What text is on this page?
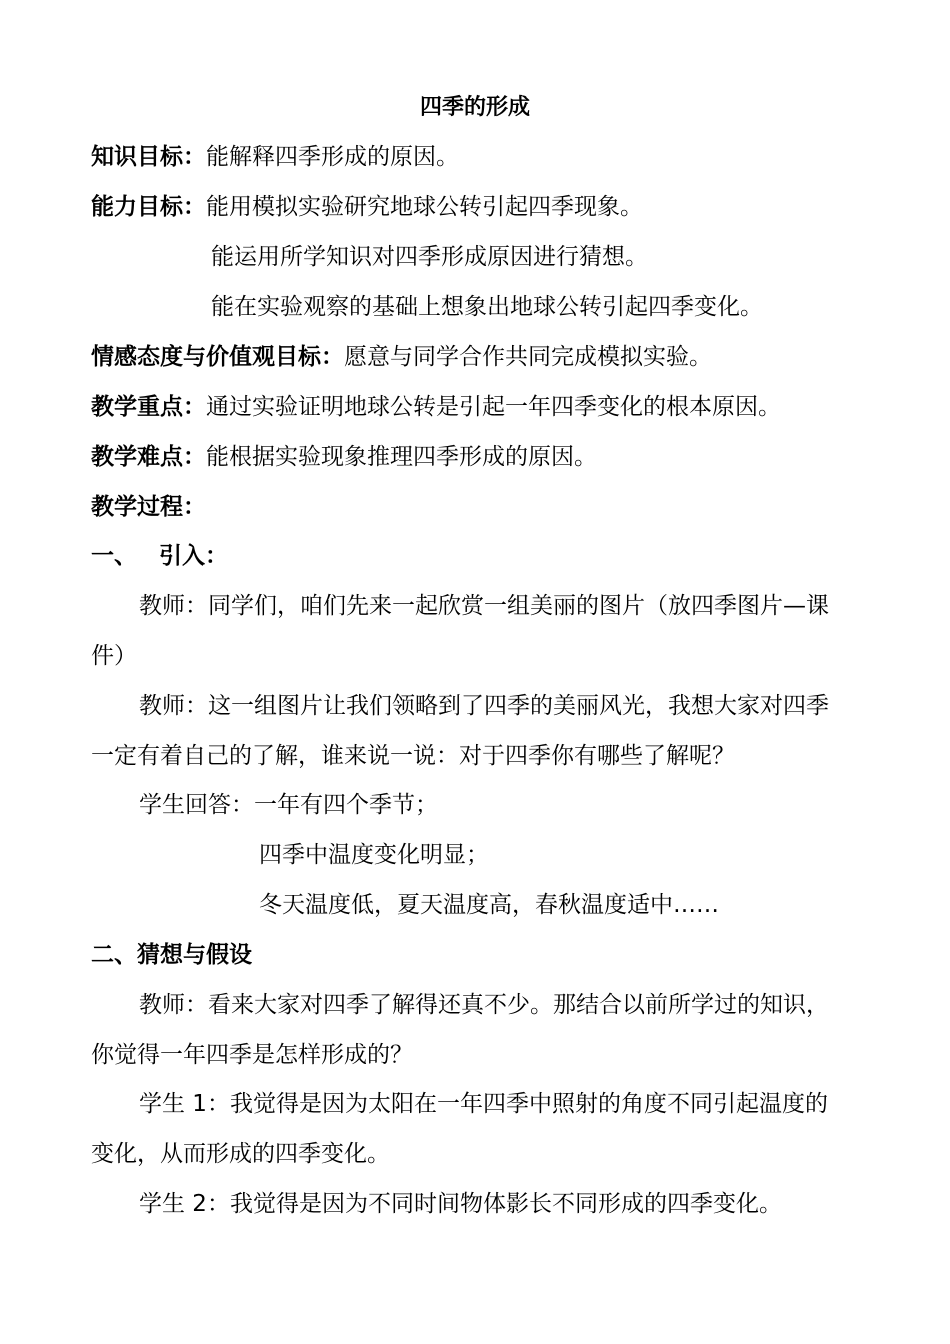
四季的形成
知识目标：能解释四季形成的原因。
能力目标：能用模拟实验研究地球公转引起四季现象。
能运用所学知识对四季形成原因进行猜想。
能在实验观察的基础上想象出地球公转引起四季变化。
情感态度与价值观目标：愿意与同学合作共同完成模拟实验。
教学重点：通过实验证明地球公转是引起一年四季变化的根本原因。
教学难点：能根据实验现象推理四季形成的原因。
教学过程：
一、 引入：
教师：同学们，咱们先来一起欣赏一组美丽的图片（放四季图片—课
件）
教师：这一组图片让我们领略到了四季的美丽风光，我想大家对四季
一定有着自己的了解，谁来说一说：对于四季你有哪些了解呢？
学生回答：一年有四个季节；
四季中温度变化明显；
冬天温度低，夏天温度高，春秋温度适中……
二、猜想与假设
教师：看来大家对四季了解得还真不少。那结合以前所学过的知识，
你觉得一年四季是怎样形成的？
学生 1：我觉得是因为太阳在一年四季中照射的角度不同引起温度的
变化，从而形成的四季变化。
学生 2：我觉得是因为不同时间物体影长不同形成的四季变化。
